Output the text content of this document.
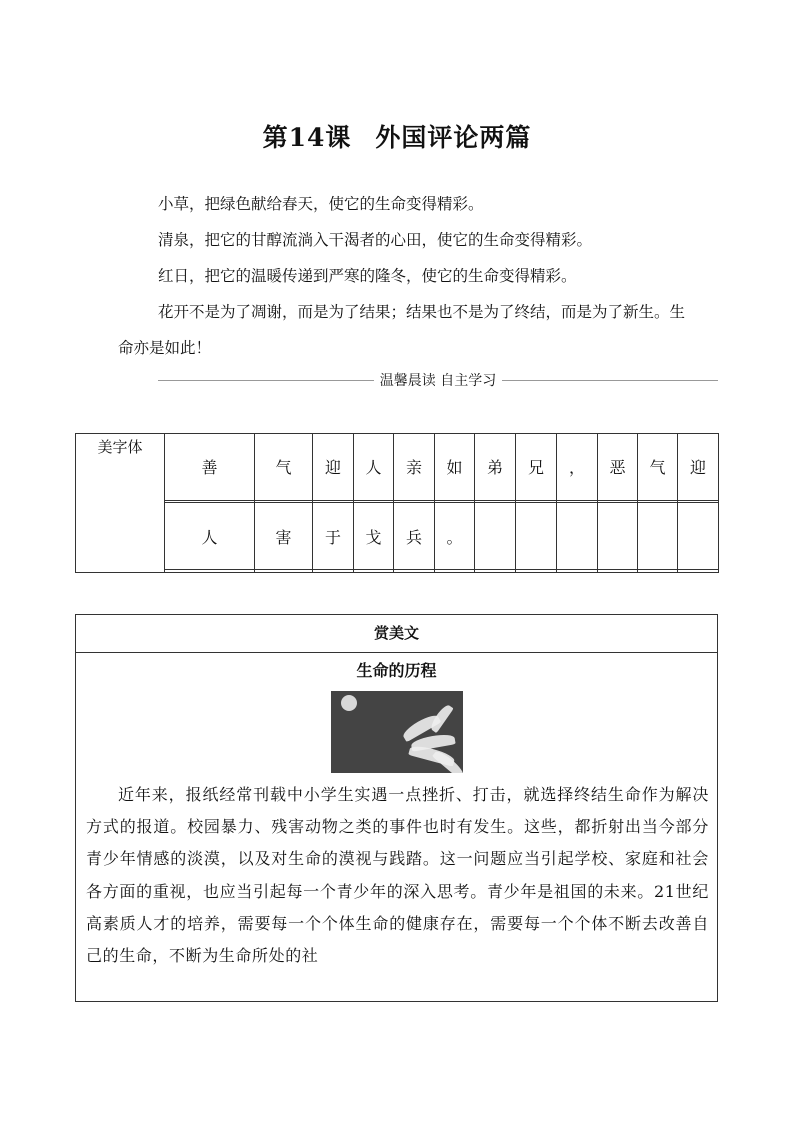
第14课 外国评论两篇

小草，把绿色献给春天，使它的生命变得精彩。

清泉，把它的甘醇流淌入干渴者的心田，使它的生命变得精彩。

红日，把它的温暖传递到严寒的隆冬，使它的生命变得精彩。

花开不是为了凋谢，而是为了结果；结果也不是为了终结，而是为了新生。生命亦是如此！

温馨晨读 自主学习
美字体	善	气	迎	人	亲	如	弟	兄	，	恶	气	迎

	人	害	于	戈	兵	。						

赏美文
生命的历程

近年来，报纸经常刊载中小学生实遇一点挫折、打击，就选择终结生命作为解决方式的报道。校园暴力、残害动物之类的事件也时有发生。这些，都折射出当今部分青少年情感的淡漠，以及对生命的漠视与践踏。这一问题应当引起学校、家庭和社会各方面的重视，也应当引起每一个青少年的深入思考。青少年是祖国的未来。21世纪高素质人才的培养，需要每一个个体生命的健康存在，需要每一个个体不断去改善自己的生命，不断为生命所处的社
